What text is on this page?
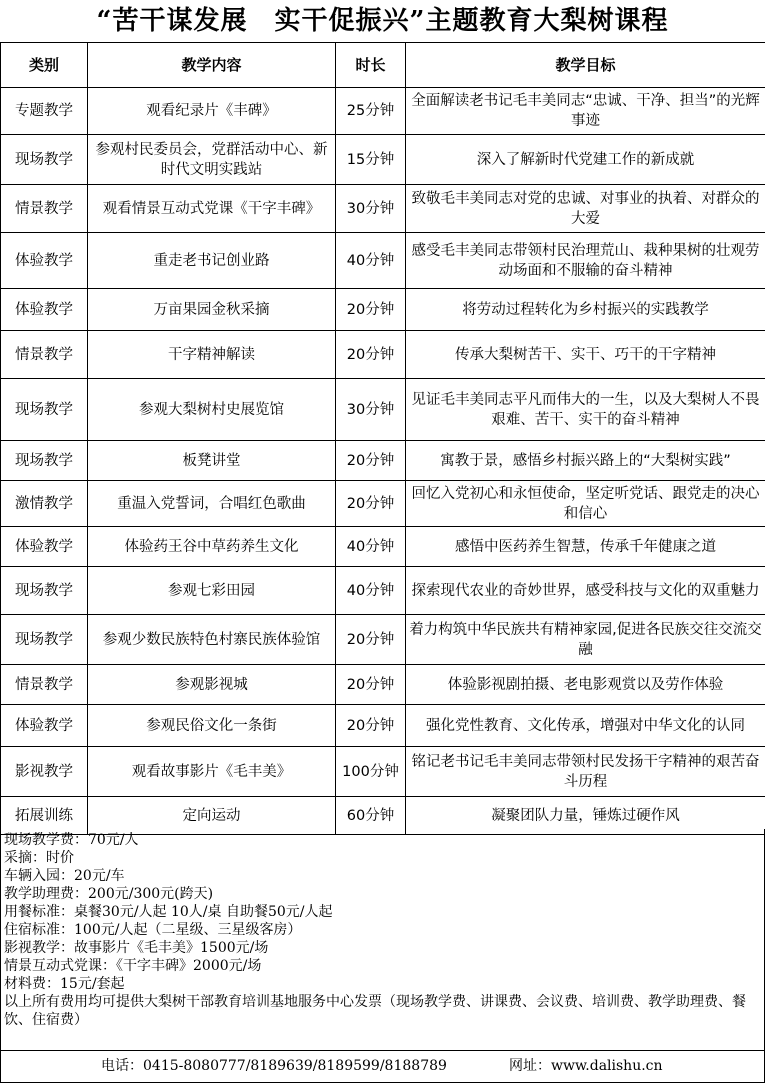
“苦干谋发展　实干促振兴”主题教育大梨树课程
类别	教学内容	时长	教学目标
专题教学	观看纪录片《丰碑》	25分钟	全面解读老书记毛丰美同志“忠诚、干净、担当”的光辉事迹
现场教学	参观村民委员会，党群活动中心、新时代文明实践站	15分钟	深入了解新时代党建工作的新成就
情景教学	观看情景互动式党课《干字丰碑》	30分钟	致敬毛丰美同志对党的忠诚、对事业的执着、对群众的大爱
体验教学	重走老书记创业路	40分钟	感受毛丰美同志带领村民治理荒山、栽种果树的壮观劳动场面和不服输的奋斗精神
体验教学	万亩果园金秋采摘	20分钟	将劳动过程转化为乡村振兴的实践教学
情景教学	干字精神解读	20分钟	传承大梨树苦干、实干、巧干的干字精神
现场教学	参观大梨树村史展览馆	30分钟	见证毛丰美同志平凡而伟大的一生，以及大梨树人不畏艰难、苦干、实干的奋斗精神
现场教学	板凳讲堂	20分钟	寓教于景，感悟乡村振兴路上的“大梨树实践”
激情教学	重温入党誓词，合唱红色歌曲	20分钟	回忆入党初心和永恒使命，坚定听党话、跟党走的决心和信心
体验教学	体验药王谷中草药养生文化	40分钟	感悟中医药养生智慧，传承千年健康之道
现场教学	参观七彩田园	40分钟	探索现代农业的奇妙世界，感受科技与文化的双重魅力
现场教学	参观少数民族特色村寨民族体验馆	20分钟	着力构筑中华民族共有精神家园,促进各民族交往交流交融
情景教学	参观影视城	20分钟	体验影视剧拍摄、老电影观赏以及劳作体验
体验教学	参观民俗文化一条街	20分钟	强化党性教育、文化传承，增强对中华文化的认同
影视教学	观看故事影片《毛丰美》	100分钟	铭记老书记毛丰美同志带领村民发扬干字精神的艰苦奋斗历程
拓展训练	定向运动	60分钟	凝聚团队力量，锤炼过硬作风
现场教学费：70元/人
采摘：时价
车辆入园：20元/车
教学助理费：200元/300元(跨天)
用餐标准：桌餐30元/人起 10人/桌 自助餐50元/人起
住宿标准：100元/人起（二星级、三星级客房）
影视教学：故事影片《毛丰美》1500元/场
情景互动式党课：《干字丰碑》2000元/场
材料费：15元/套起
以上所有费用均可提供大梨树干部教育培训基地服务中心发票（现场教学费、讲课费、会议费、培训费、教学助理费、餐饮、住宿费）
电话：0415-8080777/8189639/8189599/8188789	网址：www.dalishu.cn
